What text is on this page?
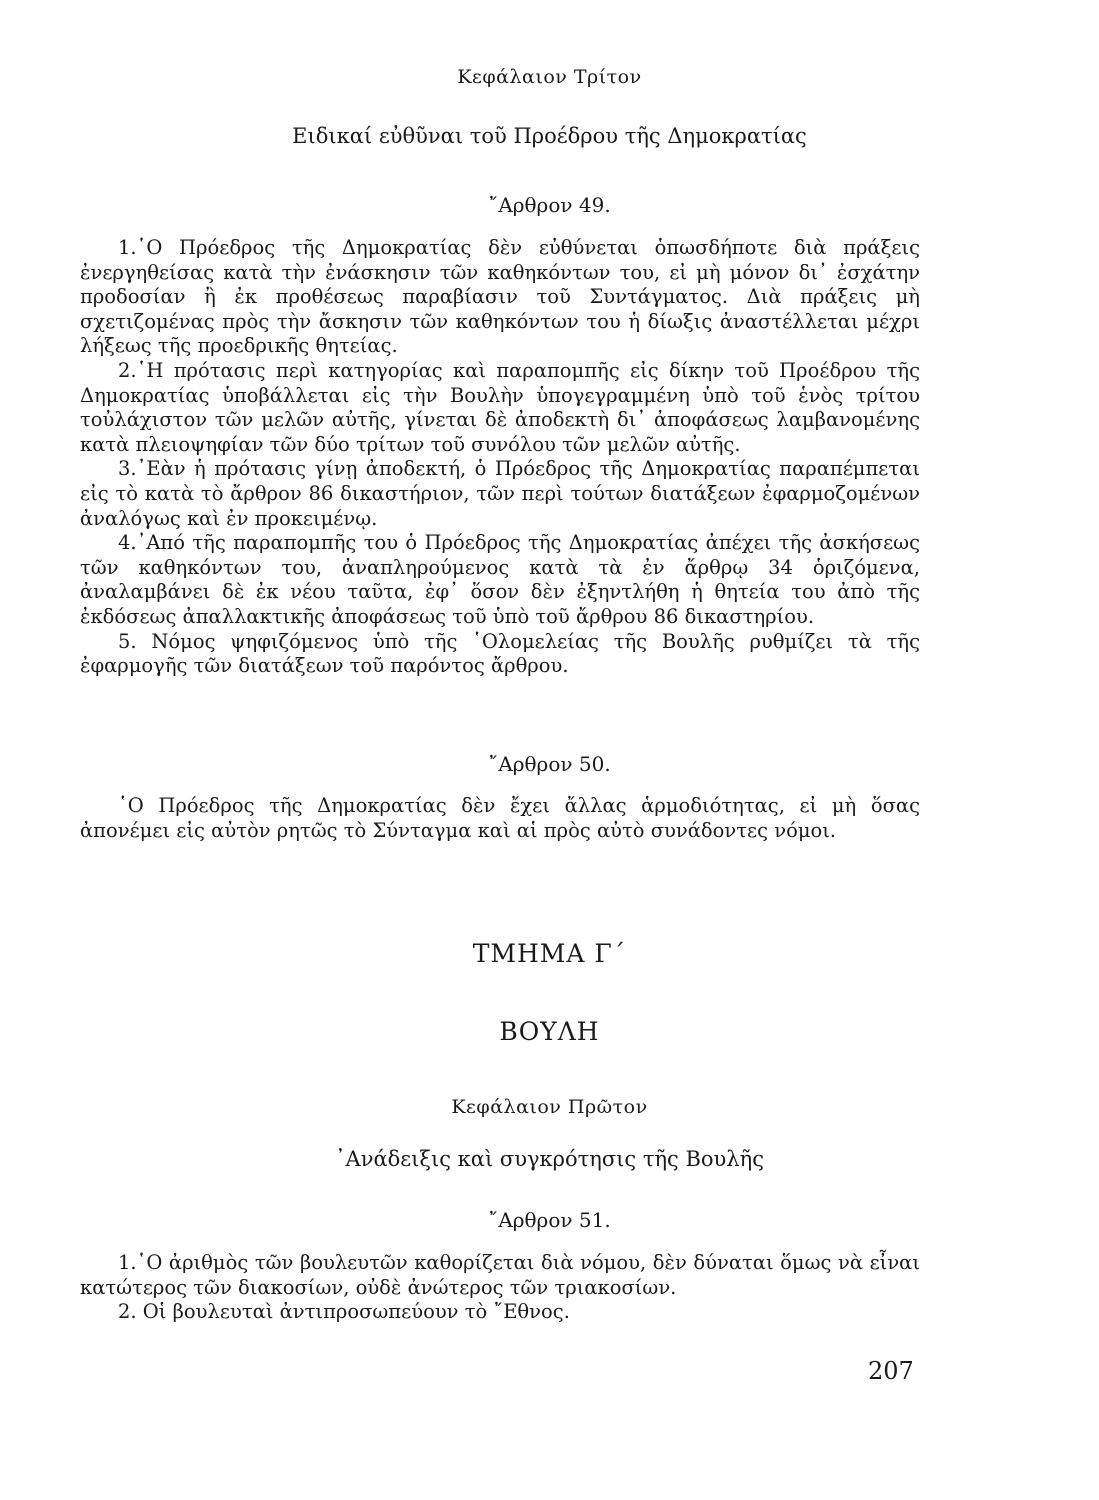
Κεφάλαιον Τρίτον
Ειδικαί εὐθῦναι τοῦ Προέδρου τῆς Δημοκρατίας
῎Αρθρον 49.

1.῾Ο Πρόεδρος τῆς Δημοκρατίας δὲν εὐθύνεται ὁπωσδήποτε διὰ πράξεις ἐνεργηθείσας κατὰ τὴν ἐνάσκησιν τῶν καθηκόντων του, εἰ μὴ μόνον δι᾽ ἐσχάτην προδοσίαν ἢ ἐκ προθέσεως παραβίασιν τοῦ Συντάγματος. Διὰ πράξεις μὴ σχετιζομένας πρὸς τὴν ἄσκησιν τῶν καθηκόντων του ἡ δίωξις ἀναστέλλεται μέχρι λήξεως τῆς προεδρικῆς θητείας.

2.῾Η πρότασις περὶ κατηγορίας καὶ παραπομπῆς εἰς δίκην τοῦ Προέδρου τῆς Δημοκρατίας ὑποβάλλεται εἰς τὴν Βουλὴν ὑπογεγραμμένη ὑπὸ τοῦ ἑνὸς τρίτου τοὐλάχιστον τῶν μελῶν αὐτῆς, γίνεται δὲ ἀποδεκτὴ δι᾽ ἀποφάσεως λαμβανομένης κατὰ πλειοψηφίαν τῶν δύο τρίτων τοῦ συνόλου τῶν μελῶν αὐτῆς.

3.᾽Εὰν ἡ πρότασις γίνῃ ἀποδεκτή, ὁ Πρόεδρος τῆς Δημοκρατίας παραπέμπεται εἰς τὸ κατὰ τὸ ἄρθρον 86 δικαστήριον, τῶν περὶ τούτων διατάξεων ἐφαρμοζομένων ἀναλόγως καὶ ἐν προκειμένῳ.

4.᾽Από τῆς παραπομπῆς του ὁ Πρόεδρος τῆς Δημοκρατίας ἀπέχει τῆς ἀσκήσεως τῶν καθηκόντων του, ἀναπληρούμενος κατὰ τὰ ἐν ἄρθρῳ 34 ὁριζόμενα, ἀναλαμβάνει δὲ ἐκ νέου ταῦτα, ἐφ᾽ ὅσον δὲν ἐξηντλήθη ἡ θητεία του ἀπὸ τῆς ἐκδόσεως ἀπαλλακτικῆς ἀποφάσεως τοῦ ὑπὸ τοῦ ἄρθρου 86 δικαστηρίου.

5. Νόμος ψηφιζόμενος ὑπὸ τῆς ῾Ολομελείας τῆς Βουλῆς ρυθμίζει τὰ τῆς ἐφαρμογῆς τῶν διατάξεων τοῦ παρόντος ἄρθρου.

῎Αρθρον 50.

῾Ο Πρόεδρος τῆς Δημοκρατίας δὲν ἔχει ἄλλας ἁρμοδιότητας, εἰ μὴ ὅσας ἀπονέμει εἰς αὐτὸν ρητῶς τὸ Σύνταγμα καὶ αἱ πρὸς αὐτὸ συνάδοντες νόμοι.

ΤΜΗΜΑ Γ΄
ΒΟΥΛΗ
Κεφάλαιον Πρῶτον
᾽Ανάδειξις καὶ συγκρότησις τῆς Βουλῆς
῎Αρθρον 51.

1.῾Ο ἀριθμὸς τῶν βουλευτῶν καθορίζεται διὰ νόμου, δὲν δύναται ὅμως νὰ εἶναι κατώτερος τῶν διακοσίων, οὐδὲ ἀνώτερος τῶν τριακοσίων.

2. Οἱ βουλευταὶ ἀντιπροσωπεύουν τὸ ῎Εθνος.

207
